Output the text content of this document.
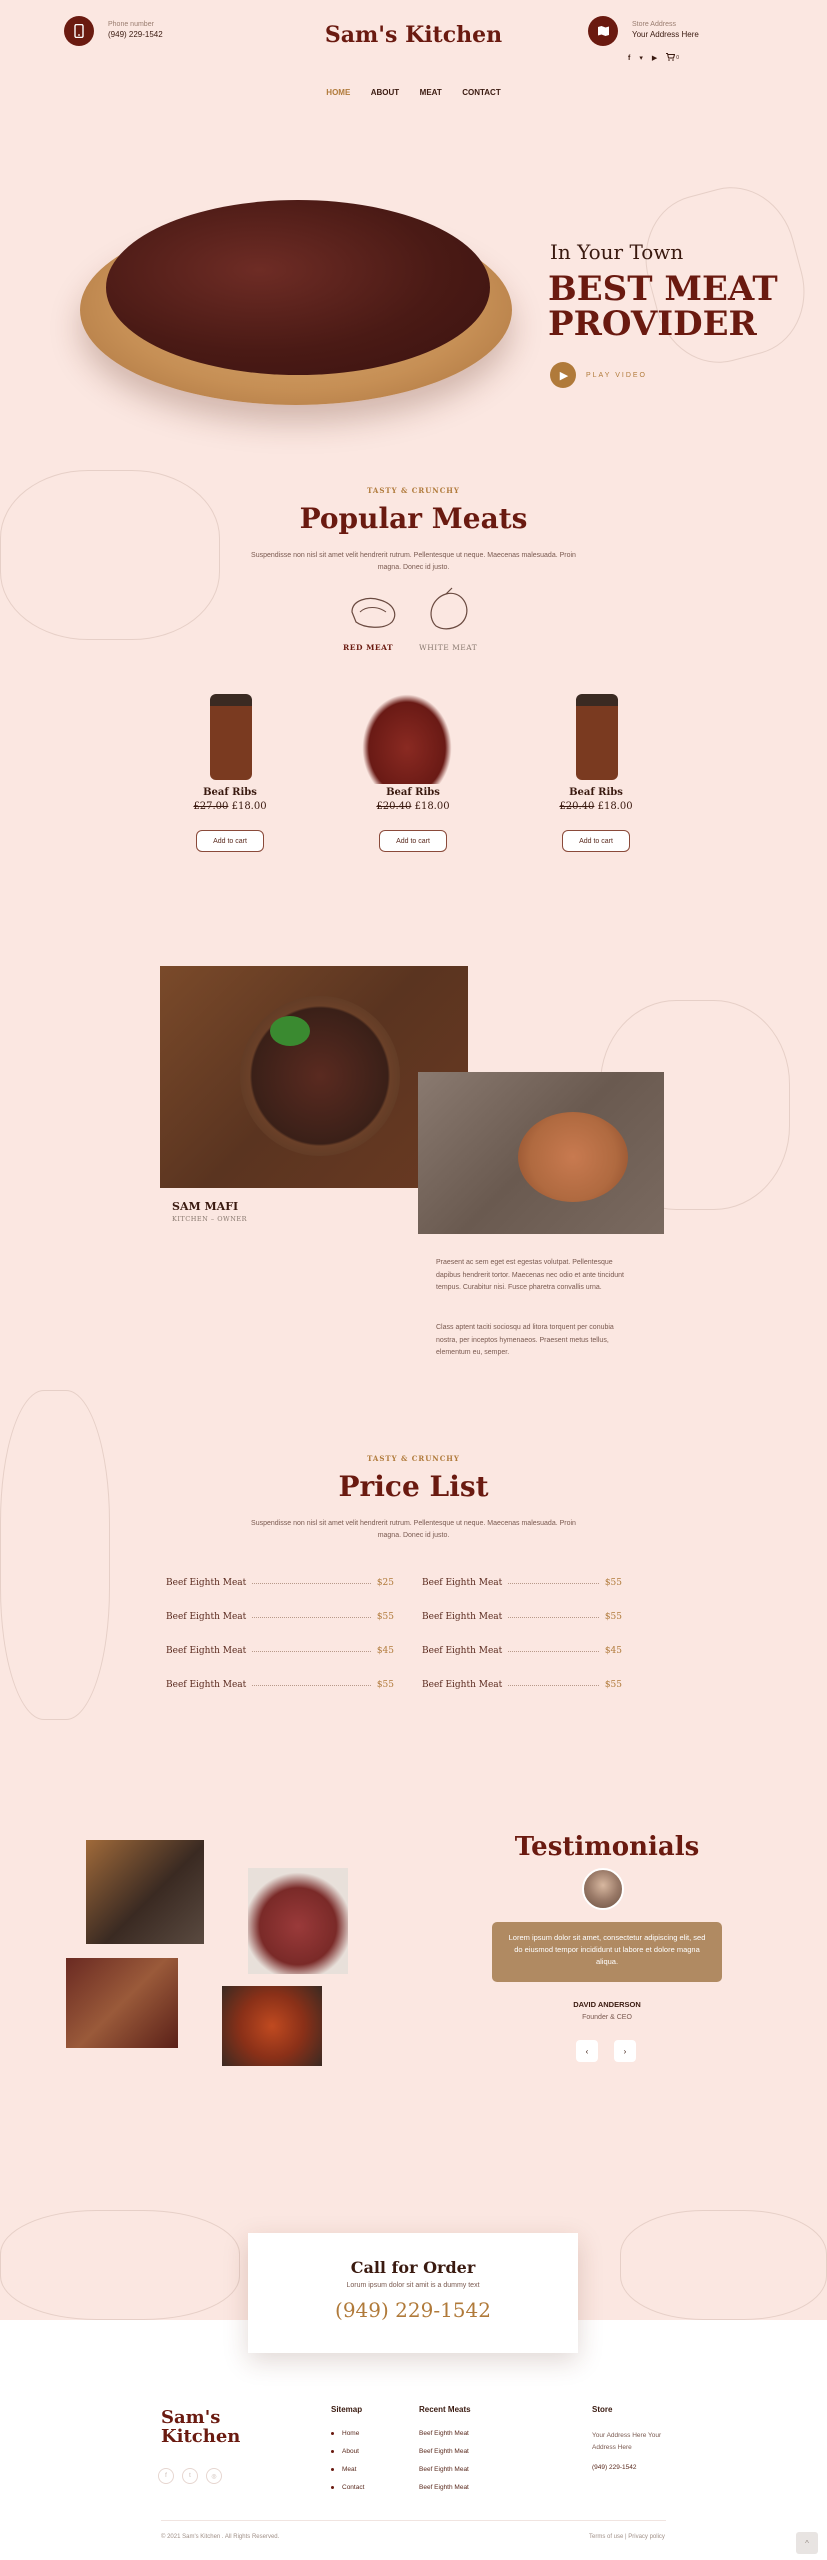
Phone number
(949) 229-1542	Sam's Kitchen	Store Address
Your Address Here
f ▾ ▶	0
HOME	ABOUT	MEAT	CONTACT
In Your Town
BEST MEAT
PROVIDER
▶	PLAY VIDEO
TASTY & CRUNCHY
Popular Meats
Suspendisse non nisl sit amet velit hendrerit rutrum. Pellentesque ut neque. Maecenas malesuada. Proin magna. Donec id justo.
RED MEAT	WHITE MEAT
Beaf Ribs
£27.00 £18.00
Add to cart
Beaf Ribs
£20.40 £18.00
Add to cart
Beaf Ribs
£20.40 £18.00
Add to cart
SAM MAFI
KITCHEN – OWNER
Praesent ac sem eget est egestas volutpat. Pellentesque dapibus hendrerit tortor. Maecenas nec odio et ante tincidunt tempus. Curabitur nisi. Fusce pharetra convallis urna.
Class aptent taciti sociosqu ad litora torquent per conubia nostra, per inceptos hymenaeos. Praesent metus tellus, elementum eu, semper.
TASTY & CRUNCHY
Price List
Suspendisse non nisl sit amet velit hendrerit rutrum. Pellentesque ut neque. Maecenas malesuada. Proin magna. Donec id justo.
Beef Eighth Meat	$25
Beef Eighth Meat	$55
Beef Eighth Meat	$45
Beef Eighth Meat	$55
Beef Eighth Meat	$55
Beef Eighth Meat	$55
Beef Eighth Meat	$45
Beef Eighth Meat	$55
Testimonials
Lorem ipsum dolor sit amet, consectetur adipiscing elit, sed do eiusmod tempor incididunt ut labore et dolore magna aliqua.
DAVID ANDERSON
Founder & CEO
‹	›
Call for Order
Lorum ipsum dolor sit amit is a dummy text
(949) 229-1542
Sam's
Kitchen
f	t	◎
Sitemap
Home
About
Meat
Contact
Recent Meats
Beef Eighth Meat
Beef Eighth Meat
Beef Eighth Meat
Beef Eighth Meat
Store
Your Address Here Your Address Here
(949) 229-1542
© 2021 Sam's Kitchen . All Rights Reserved.	Terms of use | Privacy policy
^
